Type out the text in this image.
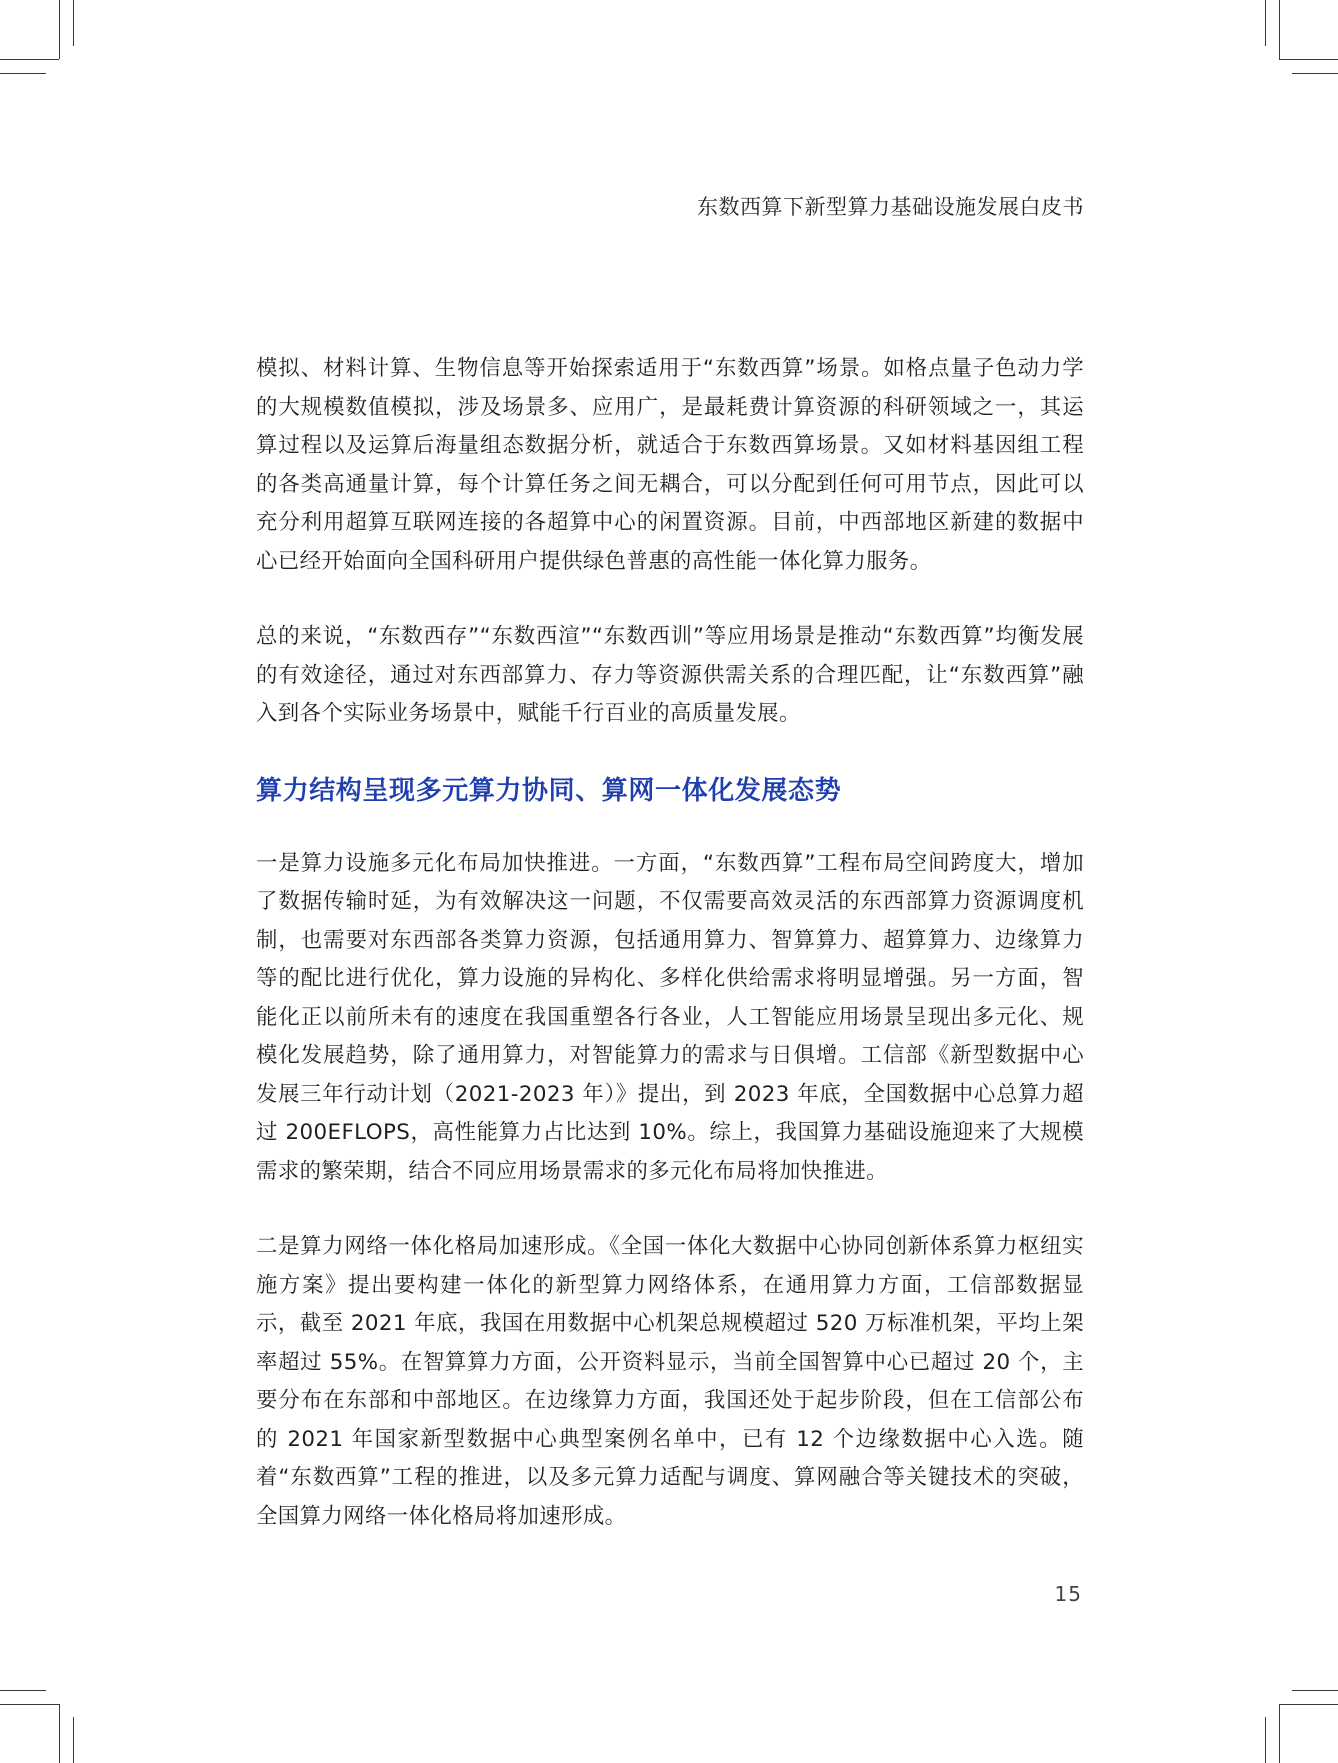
东数西算下新型算力基础设施发展白皮书

模拟、材料计算、生物信息等开始探索适用于“东数西算”场景。如格点量子色动力学的大规模数值模拟，涉及场景多、应用广，是最耗费计算资源的科研领域之一，其运算过程以及运算后海量组态数据分析，就适合于东数西算场景。又如材料基因组工程的各类高通量计算，每个计算任务之间无耦合，可以分配到任何可用节点，因此可以充分利用超算互联网连接的各超算中心的闲置资源。目前，中西部地区新建的数据中心已经开始面向全国科研用户提供绿色普惠的高性能一体化算力服务。

总的来说，“东数西存”“东数西渲”“东数西训”等应用场景是推动“东数西算”均衡发展的有效途径，通过对东西部算力、存力等资源供需关系的合理匹配，让“东数西算”融入到各个实际业务场景中，赋能千行百业的高质量发展。

算力结构呈现多元算力协同、算网一体化发展态势

一是算力设施多元化布局加快推进。一方面，“东数西算”工程布局空间跨度大，增加了数据传输时延，为有效解决这一问题，不仅需要高效灵活的东西部算力资源调度机制，也需要对东西部各类算力资源，包括通用算力、智算算力、超算算力、边缘算力等的配比进行优化，算力设施的异构化、多样化供给需求将明显增强。另一方面，智能化正以前所未有的速度在我国重塑各行各业，人工智能应用场景呈现出多元化、规模化发展趋势，除了通用算力，对智能算力的需求与日俱增。工信部《新型数据中心发展三年行动计划（2021-2023 年）》提出，到 2023 年底，全国数据中心总算力超过 200EFLOPS，高性能算力占比达到 10%。综上，我国算力基础设施迎来了大规模需求的繁荣期，结合不同应用场景需求的多元化布局将加快推进。

二是算力网络一体化格局加速形成。《全国一体化大数据中心协同创新体系算力枢纽实施方案》提出要构建一体化的新型算力网络体系，在通用算力方面，工信部数据显示，截至 2021 年底，我国在用数据中心机架总规模超过 520 万标准机架，平均上架率超过 55%。在智算算力方面，公开资料显示，当前全国智算中心已超过 20 个，主要分布在东部和中部地区。在边缘算力方面，我国还处于起步阶段，但在工信部公布的 2021 年国家新型数据中心典型案例名单中，已有 12 个边缘数据中心入选。随着“东数西算”工程的推进，以及多元算力适配与调度、算网融合等关键技术的突破，全国算力网络一体化格局将加速形成。

15
